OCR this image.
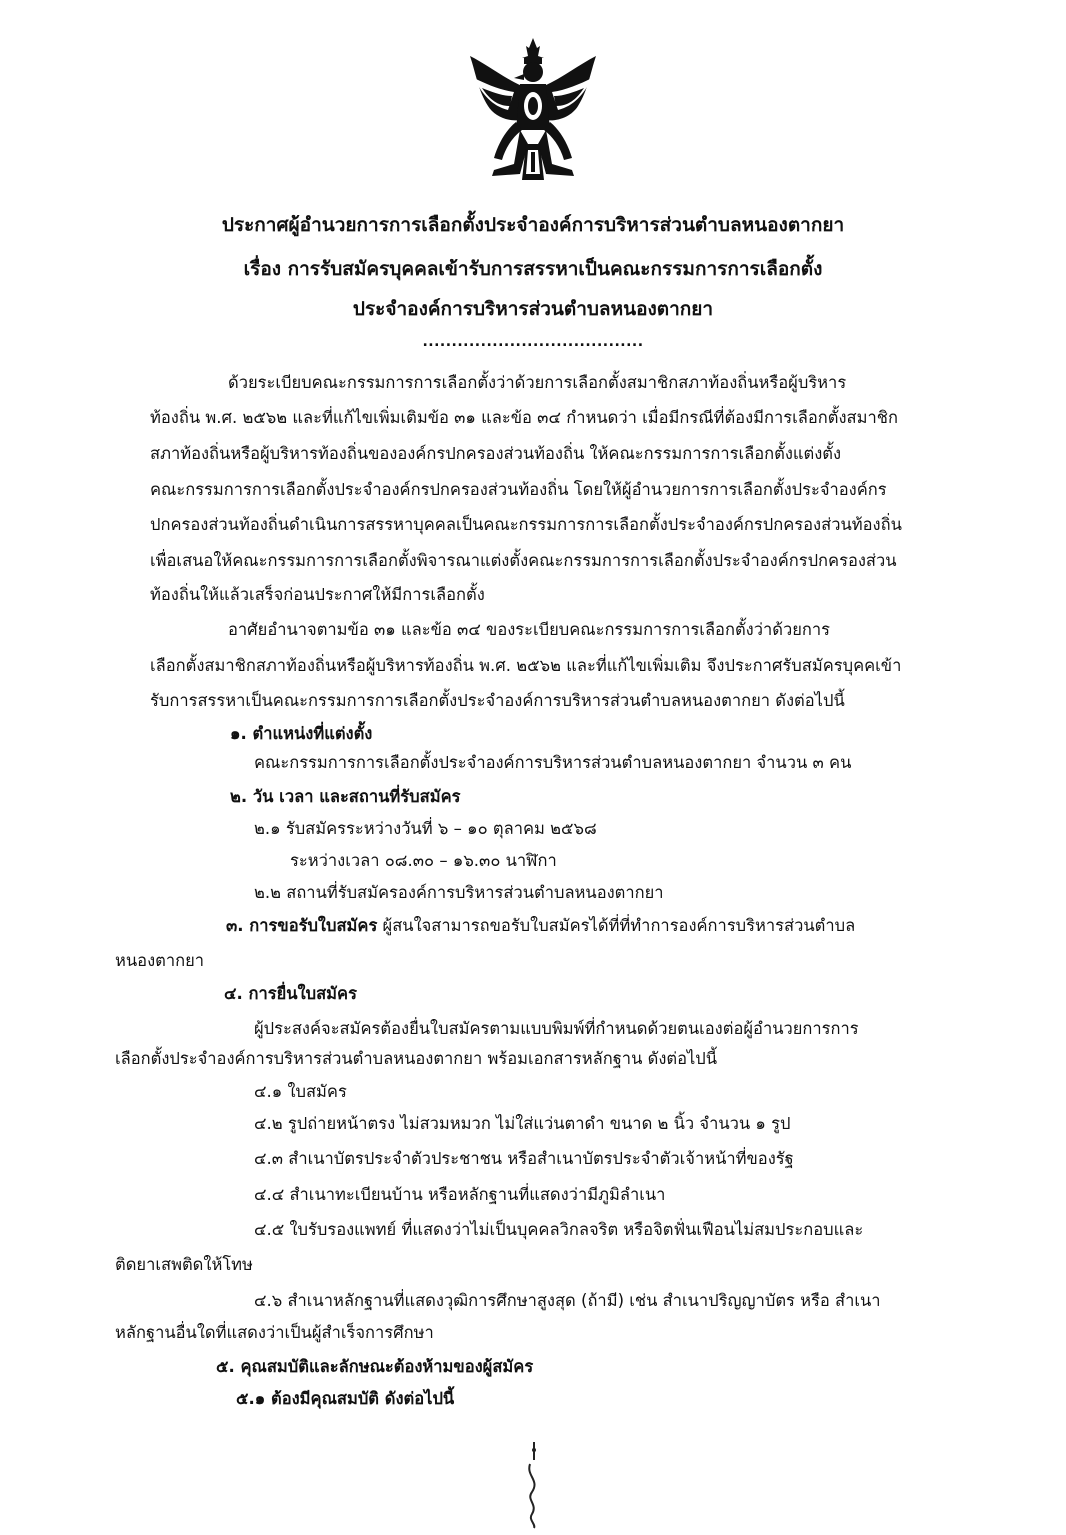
ประกาศผู้อำนวยการการเลือกตั้งประจำองค์การบริหารส่วนตำบลหนองตากยา
เรื่อง การรับสมัครบุคคลเข้ารับการสรรหาเป็นคณะกรรมการการเลือกตั้ง
ประจำองค์การบริหารส่วนตำบลหนองตากยา
......................................
ด้วยระเบียบคณะกรรมการการเลือกตั้งว่าด้วยการเลือกตั้งสมาชิกสภาท้องถิ่นหรือผู้บริหาร
ท้องถิ่น พ.ศ. ๒๕๖๒ และที่แก้ไขเพิ่มเติมข้อ ๓๑ และข้อ ๓๔ กำหนดว่า เมื่อมีกรณีที่ต้องมีการเลือกตั้งสมาชิก
สภาท้องถิ่นหรือผู้บริหารท้องถิ่นขององค์กรปกครองส่วนท้องถิ่น ให้คณะกรรมการการเลือกตั้งแต่งตั้ง
คณะกรรมการการเลือกตั้งประจำองค์กรปกครองส่วนท้องถิ่น โดยให้ผู้อำนวยการการเลือกตั้งประจำองค์กร
ปกครองส่วนท้องถิ่นดำเนินการสรรหาบุคคลเป็นคณะกรรมการการเลือกตั้งประจำองค์กรปกครองส่วนท้องถิ่น
เพื่อเสนอให้คณะกรรมการการเลือกตั้งพิจารณาแต่งตั้งคณะกรรมการการเลือกตั้งประจำองค์กรปกครองส่วน
ท้องถิ่นให้แล้วเสร็จก่อนประกาศให้มีการเลือกตั้ง
อาศัยอำนาจตามข้อ ๓๑ และข้อ ๓๔ ของระเบียบคณะกรรมการการเลือกตั้งว่าด้วยการ
เลือกตั้งสมาชิกสภาท้องถิ่นหรือผู้บริหารท้องถิ่น พ.ศ. ๒๕๖๒ และที่แก้ไขเพิ่มเติม จึงประกาศรับสมัครบุคคเข้า
รับการสรรหาเป็นคณะกรรมการการเลือกตั้งประจำองค์การบริหารส่วนตำบลหนองตากยา ดังต่อไปนี้
๑. ตำแหน่งที่แต่งตั้ง
คณะกรรมการการเลือกตั้งประจำองค์การบริหารส่วนตำบลหนองตากยา จำนวน ๓ คน
๒. วัน เวลา และสถานที่รับสมัคร
๒.๑ รับสมัครระหว่างวันที่ ๖ – ๑๐ ตุลาคม ๒๕๖๘
ระหว่างเวลา ๐๘.๓๐ – ๑๖.๓๐ นาฬิกา
๒.๒ สถานที่รับสมัครองค์การบริหารส่วนตำบลหนองตากยา
๓. การขอรับใบสมัคร ผู้สนใจสามารถขอรับใบสมัครได้ที่ที่ทำการองค์การบริหารส่วนตำบล
หนองตากยา
๔. การยื่นใบสมัคร
ผู้ประสงค์จะสมัครต้องยื่นใบสมัครตามแบบพิมพ์ที่กำหนดด้วยตนเองต่อผู้อำนวยการการ
เลือกตั้งประจำองค์การบริหารส่วนตำบลหนองตากยา พร้อมเอกสารหลักฐาน ดังต่อไปนี้
๔.๑ ใบสมัคร
๔.๒ รูปถ่ายหน้าตรง ไม่สวมหมวก ไม่ใส่แว่นตาดำ ขนาด ๒ นิ้ว จำนวน ๑ รูป
๔.๓ สำเนาบัตรประจำตัวประชาชน หรือสำเนาบัตรประจำตัวเจ้าหน้าที่ของรัฐ
๔.๔ สำเนาทะเบียนบ้าน หรือหลักฐานที่แสดงว่ามีภูมิลำเนา
๔.๕ ใบรับรองแพทย์ ที่แสดงว่าไม่เป็นบุคคลวิกลจริต หรือจิตฟั่นเฟือนไม่สมประกอบและ
ติดยาเสพติดให้โทษ
๔.๖ สำเนาหลักฐานที่แสดงวุฒิการศึกษาสูงสุด (ถ้ามี) เช่น สำเนาปริญญาบัตร หรือ สำเนา
หลักฐานอื่นใดที่แสดงว่าเป็นผู้สำเร็จการศึกษา
๕. คุณสมบัติและลักษณะต้องห้ามของผู้สมัคร
๕.๑ ต้องมีคุณสมบัติ ดังต่อไปนี้
